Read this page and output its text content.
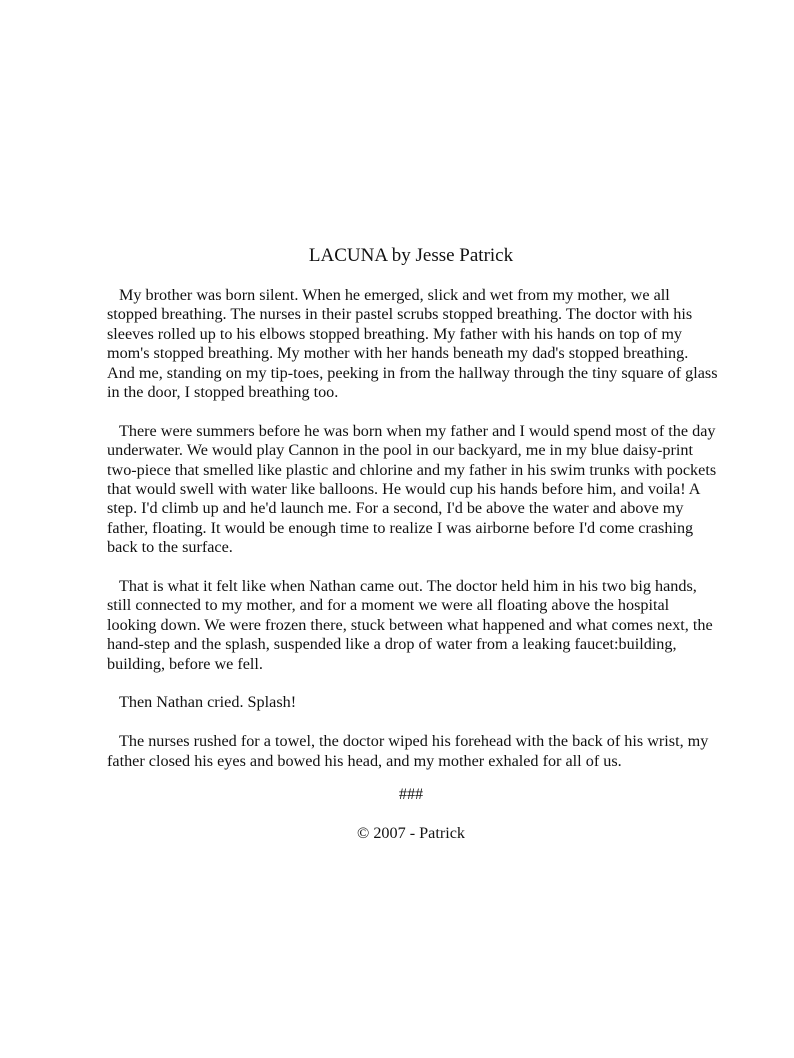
LACUNA by Jesse Patrick

My brother was born silent. When he emerged, slick and wet from my mother, we all stopped breathing. The nurses in their pastel scrubs stopped breathing. The doctor with his sleeves rolled up to his elbows stopped breathing. My father with his hands on top of my mom's stopped breathing. My mother with her hands beneath my dad's stopped breathing. And me, standing on my tip-toes, peeking in from the hallway through the tiny square of glass in the door, I stopped breathing too.

There were summers before he was born when my father and I would spend most of the day underwater. We would play Cannon in the pool in our backyard, me in my blue daisy-print two-piece that smelled like plastic and chlorine and my father in his swim trunks with pockets that would swell with water like balloons. He would cup his hands before him, and voila! A step. I'd climb up and he'd launch me. For a second, I'd be above the water and above my father, floating. It would be enough time to realize I was airborne before I'd come crashing back to the surface.

That is what it felt like when Nathan came out. The doctor held him in his two big hands, still connected to my mother, and for a moment we were all floating above the hospital looking down. We were frozen there, stuck between what happened and what comes next, the hand-step and the splash, suspended like a drop of water from a leaking faucet:building, building, before we fell.

Then Nathan cried. Splash!

The nurses rushed for a towel, the doctor wiped his forehead with the back of his wrist, my father closed his eyes and bowed his head, and my mother exhaled for all of us.

###
© 2007 - Patrick
